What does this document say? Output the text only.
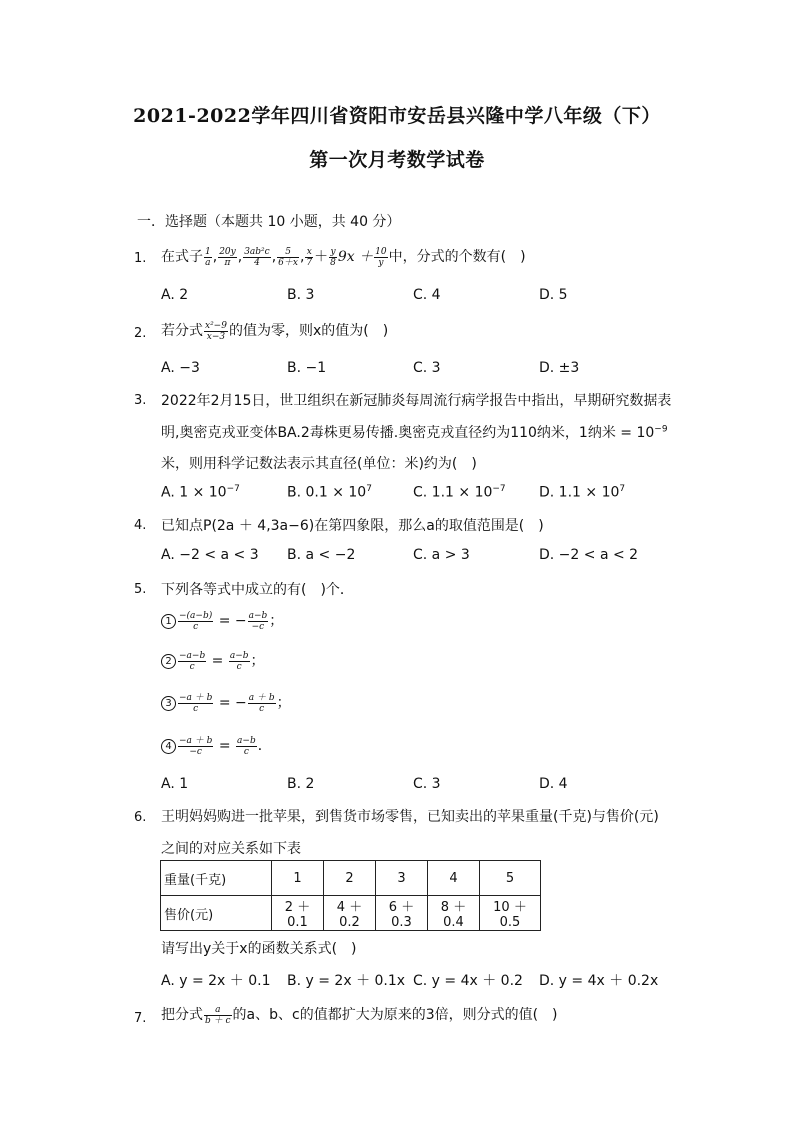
2021-2022学年四川省资阳市安岳县兴隆中学八年级（下）
第一次月考数学试卷
一．选择题（本题共 10 小题，共 40 分）
1. 在式子 $\frac{1}{a}$ , $\frac{20y}{\pi}$ , $\frac{\text{3ab²c}}{4}$ , $\frac{5}{6+x}$ , $\frac{x}{7} + \frac{y}{8} 9x + \frac{10}{y}$ 中，分式的个数有(　)
A. 2	B. 3	C. 4	D. 5
2. 若分式 $\frac{\text{x²−9}}{x-3}$ 的值为零，则x的值为(　)
A. −3	B. −1	C. 3	D. ±3
3. 2022年2月15日，世卫组织在新冠肺炎每周流行病学报告中指出，早期研究数据表
明,奥密克戎亚变体BA.2毒株更易传播.奥密克戎直径约为110纳米，1纳米 = $10^{-9}$
米，则用科学记数法表示其直径(单位：米)约为(　)
A. $1 \times 10^{-7}$	B. $0.1 \times 10^7$	C. $1.1 \times 10^{-7}$ D. $1.1 \times 10^7$
4. 已知点P(2a ＋ 4,3a−6)在第四象限，那么a的取值范围是(　)
A. −2 < a < 3 B. a < −2	C. a > 3	D. −2 < a < 2
5. 下列各等式中成立的有(　)个．
$1 \frac{-(a-b)}{c}$ = − $\frac{a-b}{-c}$ ；
$2 \frac{-a-b}{c} = \frac{a-b}{c}$ ；
$3 \frac{-a + b}{c}$ = − $\frac{a + b}{c}$ ；
$4 \frac{-a + b}{-c} = \frac{a-b}{c}$ ．
A. 1	B. 2	C. 3	D. 4
6. 王明妈妈购进一批苹果，到售货市场零售，已知卖出的苹果重量(千克)与售价(元)
之间的对应关系如下表
重量(千克)	1	2	3	4	5
售价(元)	2 ＋ 0.1	4 ＋ 0.2	6 ＋ 0.3	8 ＋ 0.4	10 ＋ 0.5
请写出y关于x的函数关系式(　)
A. y = 2x ＋ 0.1 B. y = 2x ＋ 0.1x C. y = 4x ＋ 0.2 D. y = 4x ＋ 0.2x
7. 把分式 $\frac{a}{b + c}$ 的a、b、c的值都扩大为原来的3倍，则分式的值(　)
